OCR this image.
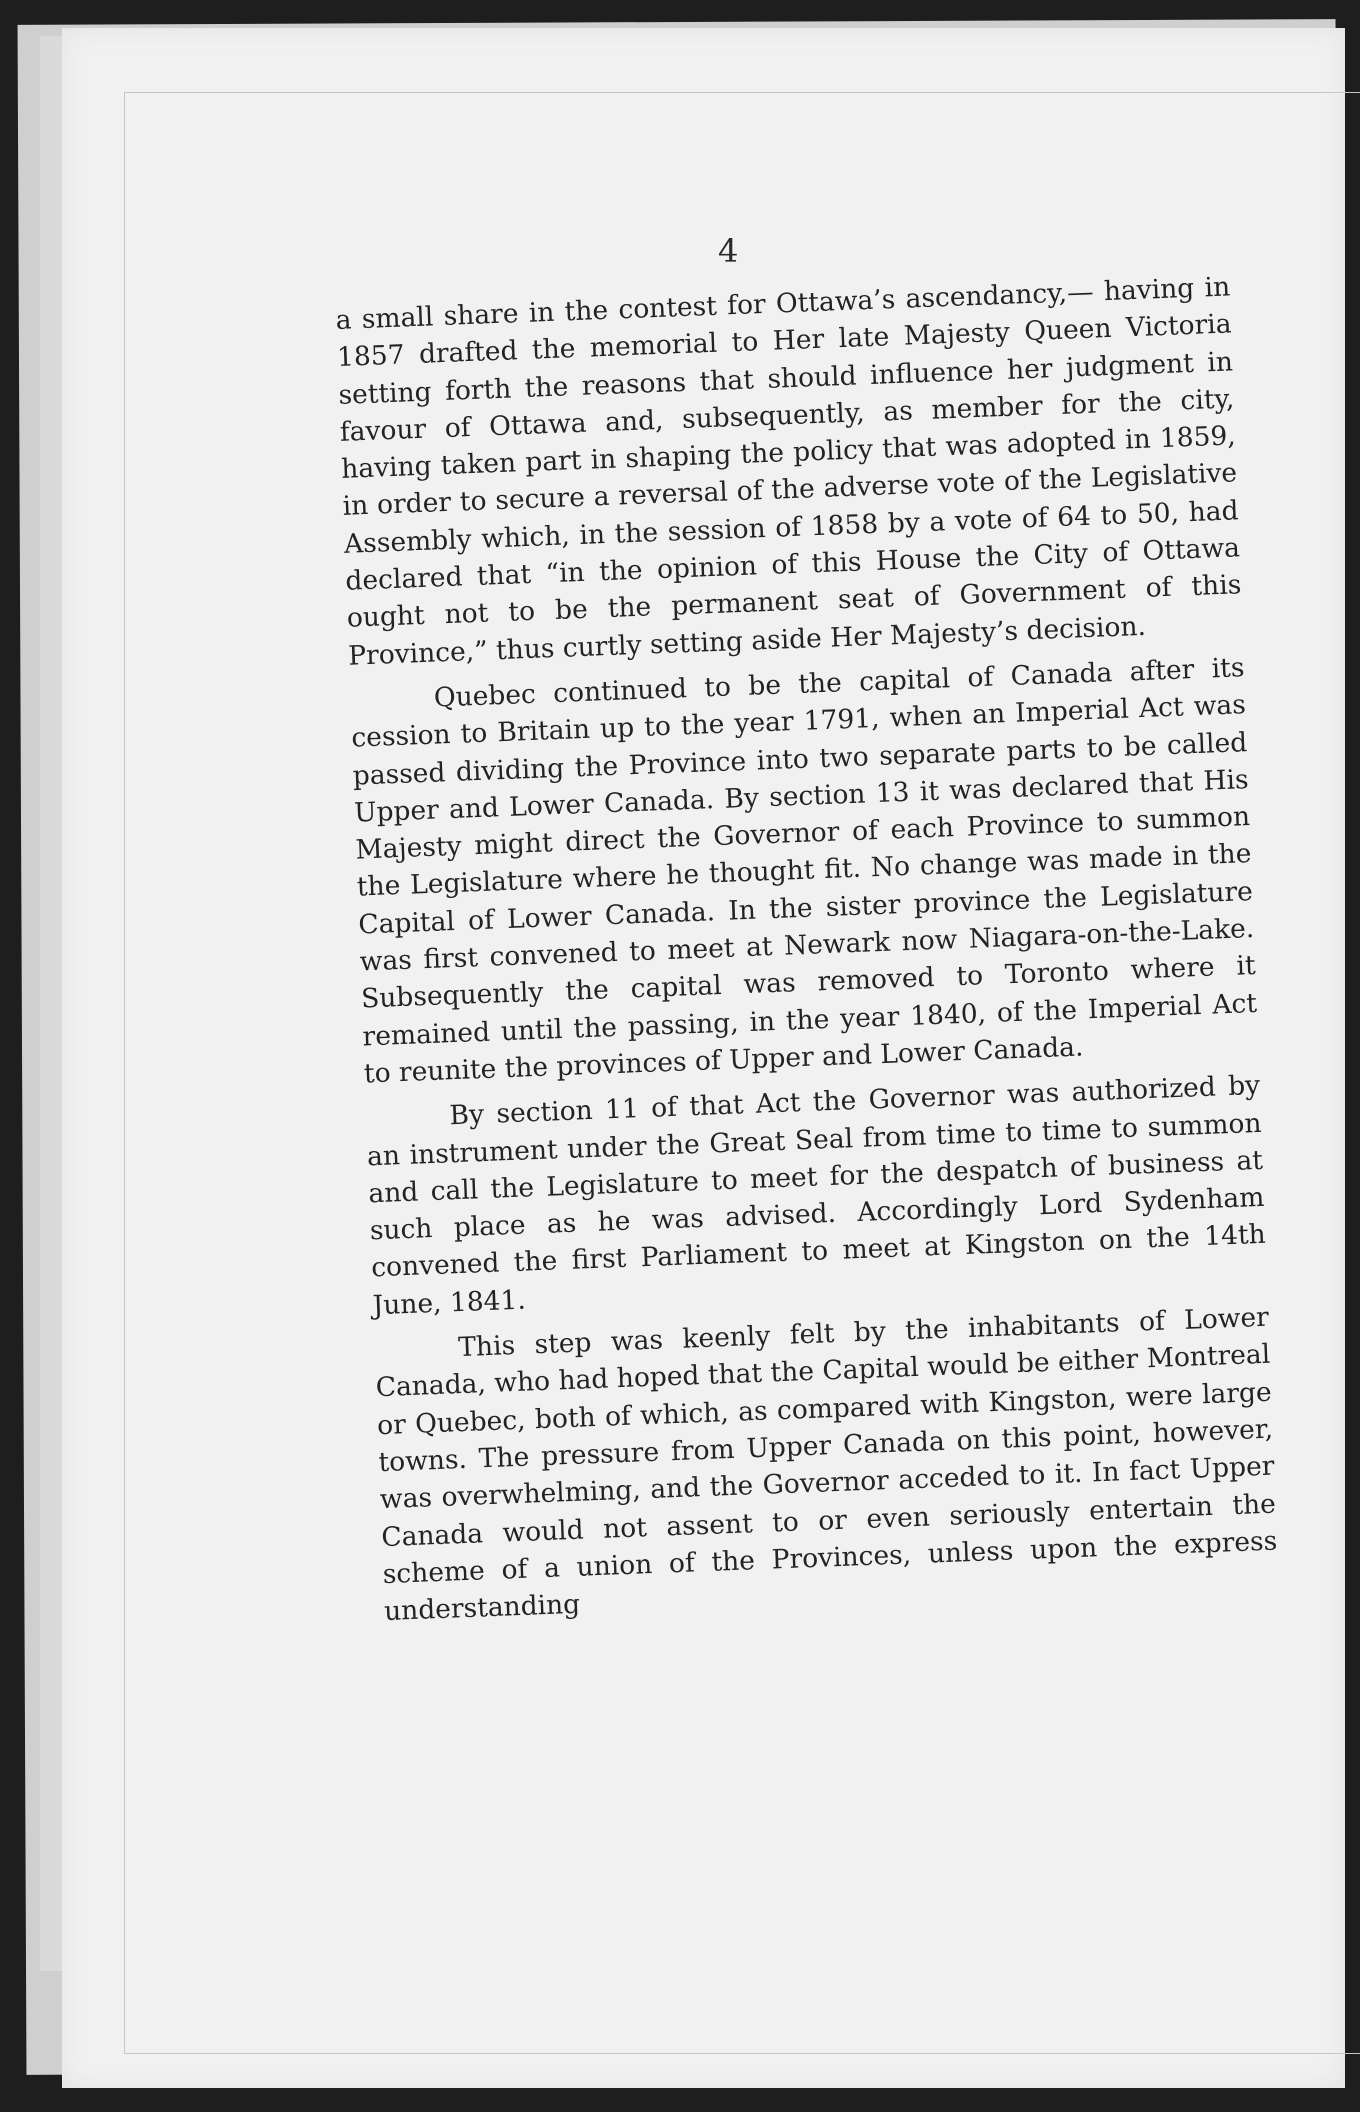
4

a small share in the contest for Ottawa’s ascendancy,— having in 1857 drafted the memorial to Her late Majesty Queen Victoria setting forth the reasons that should influence her judgment in favour of Ottawa and, subsequently, as member for the city, having taken part in shaping the policy that was adopted in 1859, in order to secure a reversal of the adverse vote of the Legislative Assembly which, in the session of 1858 by a vote of 64 to 50, had declared that “in the opinion of this House the City of Ottawa ought not to be the permanent seat of Government of this Province,” thus curtly setting aside Her Majesty’s decision.

Quebec continued to be the capital of Canada after its cession to Britain up to the year 1791, when an Imperial Act was passed dividing the Province into two separate parts to be called Upper and Lower Canada. By section 13 it was declared that His Majesty might direct the Governor of each Province to summon the Legislature where he thought fit. No change was made in the Capital of Lower Canada. In the sister province the Legislature was first convened to meet at Newark now Niagara-on-the-Lake. Subsequently the capital was removed to Toronto where it remained until the passing, in the year 1840, of the Imperial Act to reunite the provinces of Upper and Lower Canada.

By section 11 of that Act the Governor was authorized by an instrument under the Great Seal from time to time to summon and call the Legislature to meet for the despatch of business at such place as he was advised. Accordingly Lord Sydenham convened the first Parliament to meet at Kingston on the 14th June, 1841.

This step was keenly felt by the inhabitants of Lower Canada, who had hoped that the Capital would be either Montreal or Quebec, both of which, as compared with Kingston, were large towns. The pressure from Upper Canada on this point, however, was overwhelming, and the Governor acceded to it. In fact Upper Canada would not assent to or even seriously entertain the scheme of a union of the Provinces, unless upon the express understanding
